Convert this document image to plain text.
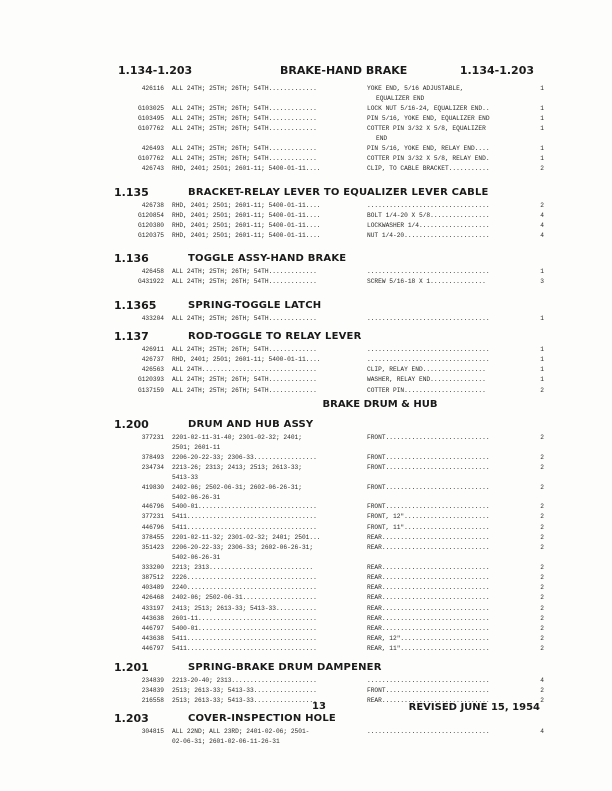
1.134-1.203	BRAKE-HAND BRAKE	1.134-1.203
426116 ALL 24TH; 25TH; 26TH; 54TH.............	YOKE END, 5/16 ADJUSTABLE,	1
EQUALIZER END
G103025 ALL 24TH; 25TH; 26TH; 54TH.............	LOCK NUT 5/16-24, EQUALIZER END..	1
G103495 ALL 24TH; 25TH; 26TH; 54TH.............	PIN 5/16, YOKE END, EQUALIZER END	1
G107762 ALL 24TH; 25TH; 26TH; 54TH.............	COTTER PIN 3/32 X 5/8, EQUALIZER	1
END
426493 ALL 24TH; 25TH; 26TH; 54TH.............	PIN 5/16, YOKE END, RELAY END....	1
G107762 ALL 24TH; 25TH; 26TH; 54TH.............	COTTER PIN 3/32 X 5/8, RELAY END.	1
426743 RHD, 2401; 2501; 2601-11; 5400-01-11....	CLIP, TO CABLE BRACKET...........	2
1.135	BRACKET-RELAY LEVER TO EQUALIZER LEVER CABLE
426738 RHD, 2401; 2501; 2601-11; 5400-01-11....	.................................	2
G120854 RHD, 2401; 2501; 2601-11; 5400-01-11....	BOLT 1/4-20 X 5/8................	4
G120380 RHD, 2401; 2501; 2601-11; 5400-01-11....	LOCKWASHER 1/4...................	4
G120375 RHD, 2401; 2501; 2601-11; 5400-01-11....	NUT 1/4-20.......................	4
1.136	TOGGLE ASSY-HAND BRAKE
426458 ALL 24TH; 25TH; 26TH; 54TH.............	.................................	1
G431922 ALL 24TH; 25TH; 26TH; 54TH.............	SCREW 5/16-18 X 1...............	3
1.1365	SPRING-TOGGLE LATCH
433204 ALL 24TH; 25TH; 26TH; 54TH.............	.................................	1
1.137	ROD-TOGGLE TO RELAY LEVER
426911 ALL 24TH; 25TH; 26TH; 54TH.............	.................................	1
426737 RHD, 2401; 2501; 2601-11; 5400-01-11....	.................................	1
426563 ALL 24TH...............................	CLIP, RELAY END.................	1
G120393 ALL 24TH; 25TH; 26TH; 54TH.............	WASHER, RELAY END...............	1
G137159 ALL 24TH; 25TH; 26TH; 54TH.............	COTTER PIN......................	2
BRAKE DRUM & HUB
1.200	DRUM AND HUB ASSY
377231 2201-02-11-31-40; 2301-02-32; 2401;	FRONT............................	2
2501; 2601-11
378493 2206-20-22-33; 2306-33.................	FRONT............................	2
234734 2213-26; 2313; 2413; 2513; 2613-33;	FRONT............................	2
5413-33
419830 2402-06; 2502-06-31; 2602-06-26-31;	FRONT............................	2
5402-06-26-31
446796 5400-01................................	FRONT............................	2
377231 5411...................................	FRONT, 12".......................	2
446796 5411...................................	FRONT, 11".......................	2
378455 2201-02-11-32; 2301-02-32; 2401; 2501...	REAR.............................	2
351423 2206-20-22-33; 2306-33; 2602-06-26-31;	REAR.............................	2
5402-06-26-31
333200 2213; 2313............................	REAR.............................	2
387512 2226...................................	REAR.............................	2
403489 2240...................................	REAR.............................	2
426468 2402-06; 2502-06-31....................	REAR.............................	2
433197 2413; 2513; 2613-33; 5413-33...........	REAR.............................	2
443638 2601-11................................	REAR.............................	2
446797 5400-01................................	REAR.............................	2
443638 5411...................................	REAR, 12"........................	2
446797 5411...................................	REAR, 11"........................	2
1.201	SPRING-BRAKE DRUM DAMPENER
234839 2213-20-40; 2313.......................	.................................	4
234839 2513; 2613-33; 5413-33.................	FRONT............................	2
216558 2513; 2613-33; 5413-33.................	REAR.............................	2
1.203	COVER-INSPECTION HOLE
304815 ALL 22ND; ALL 23RD; 2401-02-06; 2501-	.................................	4
02-06-31; 2601-02-06-11-26-31
13	REVISED JUNE 15, 1954
